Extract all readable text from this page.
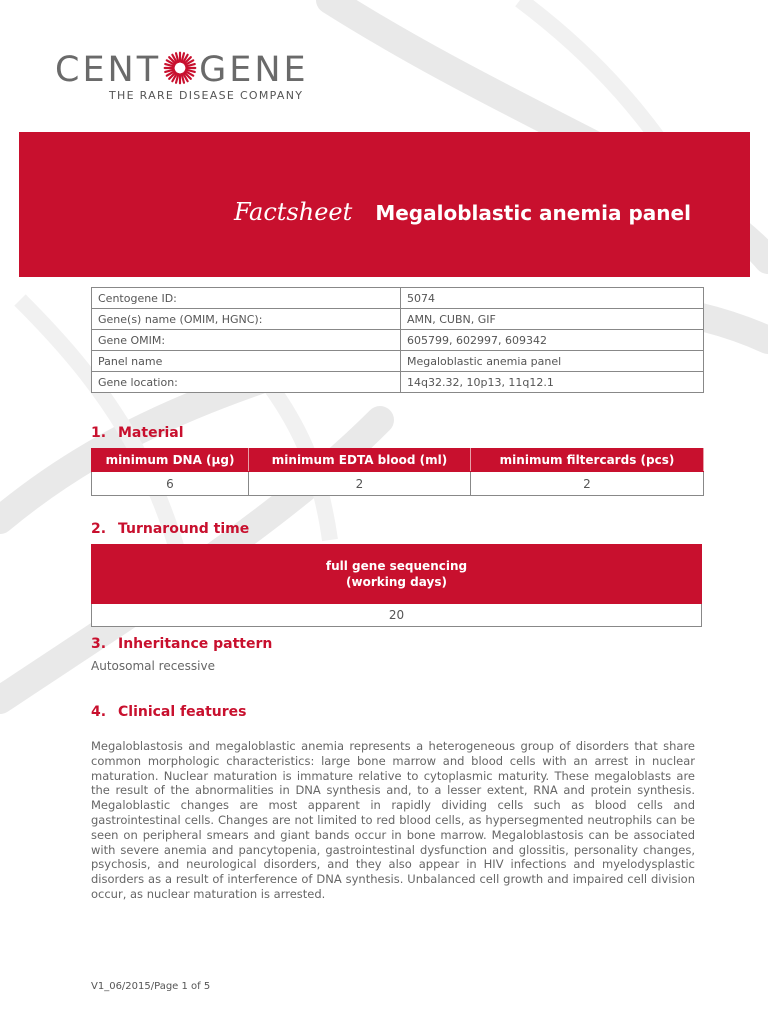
CENT GENE
THE RARE DISEASE COMPANY
Factsheet Megaloblastic anemia panel
Centogene ID:	5074
Gene(s) name (OMIM, HGNC):	AMN, CUBN, GIF
Gene OMIM:	605799, 602997, 609342
Panel name	Megaloblastic anemia panel
Gene location:	14q32.32, 10p13, 11q12.1
1. Material
minimum DNA (µg)	minimum EDTA blood (ml)	minimum filtercards (pcs)
6	2	2
2. Turnaround time
full gene sequencing
(working days)
20
3. Inheritance pattern
Autosomal recessive
4. Clinical features
Megaloblastosis and megaloblastic anemia represents a heterogeneous group of disorders that share common morphologic characteristics: large bone marrow and blood cells with an arrest in nuclear maturation. Nuclear maturation is immature relative to cytoplasmic maturity. These megaloblasts are the result of the abnormalities in DNA synthesis and, to a lesser extent, RNA and protein synthesis. Megaloblastic changes are most apparent in rapidly dividing cells such as blood cells and gastrointestinal cells. Changes are not limited to red blood cells, as hypersegmented neutrophils can be seen on peripheral smears and giant bands occur in bone marrow. Megaloblastosis can be associated with severe anemia and pancytopenia, gastrointestinal dysfunction and glossitis, personality changes, psychosis, and neurological disorders, and they also appear in HIV infections and myelodysplastic disorders as a result of interference of DNA synthesis. Unbalanced cell growth and impaired cell division occur, as nuclear maturation is arrested.
V1_06/2015/Page 1 of 5
